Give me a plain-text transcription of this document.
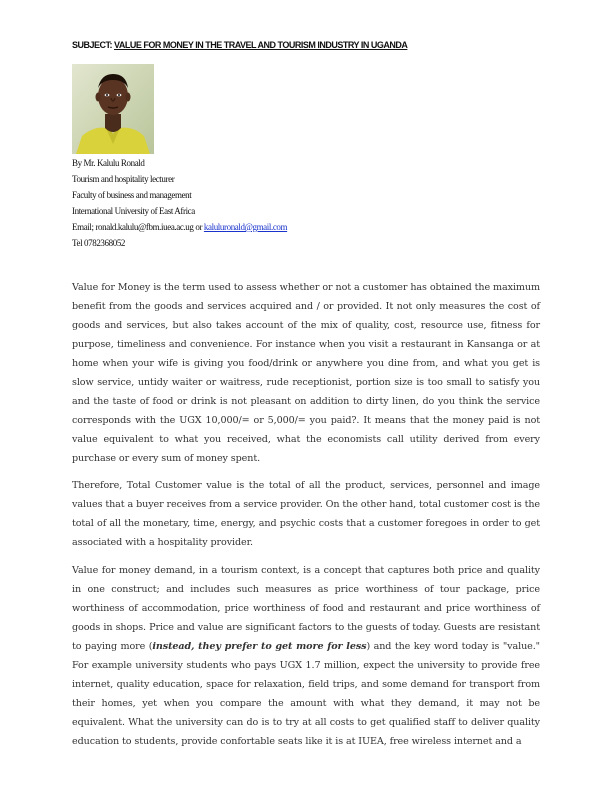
SUBJECT: VALUE FOR MONEY IN THE TRAVEL AND TOURISM INDUSTRY IN UGANDA
By Mr. Kalulu Ronald
Tourism and hospitality lecturer
Faculty of business and management
International University of East Africa
Email; ronald.kalulu@fbm.iuea.ac.ug or kaluluronald@gmail.com
Tel 0782368052

Value for Money is the term used to assess whether or not a customer has obtained the maximum benefit from the goods and services acquired and / or provided. It not only measures the cost of goods and services, but also takes account of the mix of quality, cost, resource use, fitness for purpose, timeliness and convenience. For instance when you visit a restaurant in Kansanga or at home when your wife is giving you food/drink or anywhere you dine from, and what you get is slow service, untidy waiter or waitress, rude receptionist, portion size is too small to satisfy you and the taste of food or drink is not pleasant on addition to dirty linen, do you think the service corresponds with the UGX 10,000/= or 5,000/= you paid?. It means that the money paid is not value equivalent to what you received, what the economists call utility derived from every purchase or every sum of money spent.

Therefore, Total Customer value is the total of all the product, services, personnel and image values that a buyer receives from a service provider. On the other hand, total customer cost is the total of all the monetary, time, energy, and psychic costs that a customer foregoes in order to get associated with a hospitality provider.

Value for money demand, in a tourism context, is a concept that captures both price and quality in one construct; and includes such measures as price worthiness of tour package, price worthiness of accommodation, price worthiness of food and restaurant and price worthiness of goods in shops. Price and value are significant factors to the guests of today. Guests are resistant to paying more (instead, they prefer to get more for less) and the key word today is "value." For example university students who pays UGX 1.7 million, expect the university to provide free internet, quality education, space for relaxation, field trips, and some demand for transport from their homes, yet when you compare the amount with what they demand, it may not be equivalent. What the university can do is to try at all costs to get qualified staff to deliver quality education to students, provide confortable seats like it is at IUEA, free wireless internet and a
